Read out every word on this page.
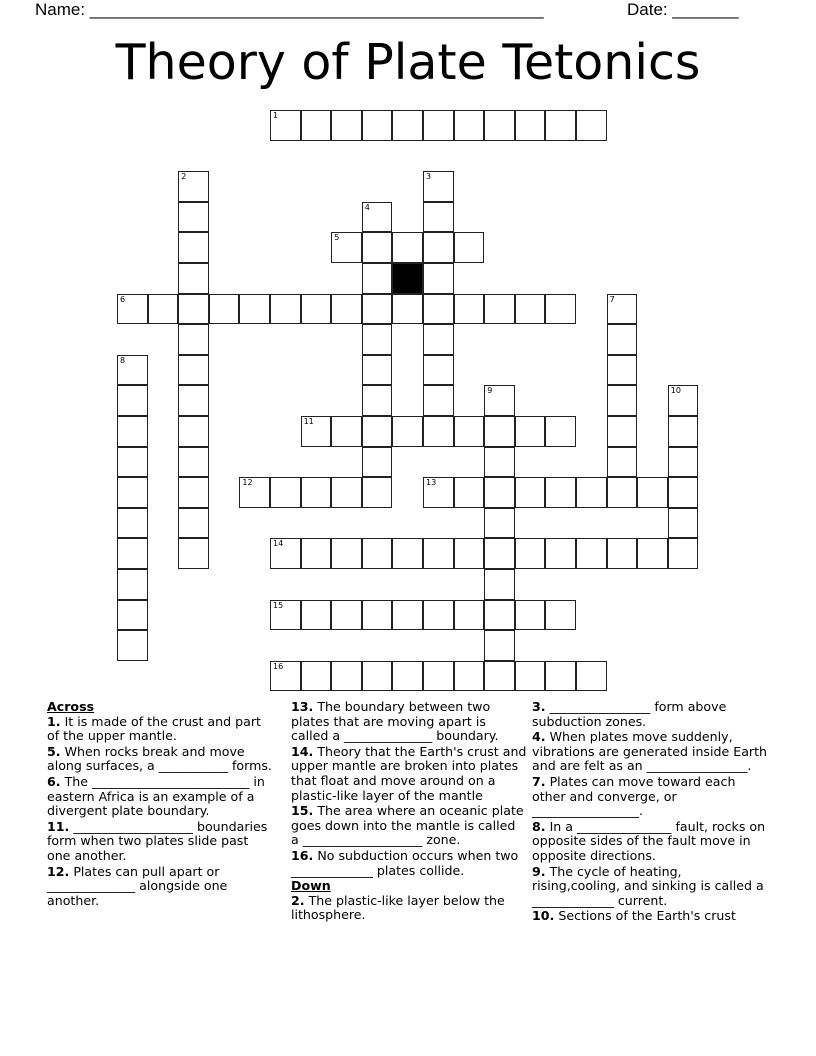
Name: ________________________________________________	Date: _______
Theory of Plate Tetonics
1
5
6
11
12	13
14
15
16
2	3
4
7
8
9	10
Across
1. It is made of the crust and part of the upper mantle.
5. When rocks break and move along surfaces, a ___________ forms.
6. The _________________________ in eastern Africa is an example of a divergent plate boundary.
11. ___________________ boundaries form when two plates slide past one another.
12. Plates can pull apart or ______________ alongside one another.
13. The boundary between two plates that are moving apart is called a ______________ boundary.
14. Theory that the Earth's crust and upper mantle are broken into plates that float and move around on a plastic-like layer of the mantle
15. The area where an oceanic plate goes down into the mantle is called a ___________________ zone.
16. No subduction occurs when two _____________ plates collide.
Down
2. The plastic-like layer below the lithosphere.
3. ________________ form above subduction zones.
4. When plates move suddenly, vibrations are generated inside Earth and are felt as an ________________.
7. Plates can move toward each other and converge, or _________________.
8. In a _______________ fault, rocks on opposite sides of the fault move in opposite directions.
9. The cycle of heating, rising,cooling, and sinking is called a _____________ current.
10. Sections of the Earth's crust
